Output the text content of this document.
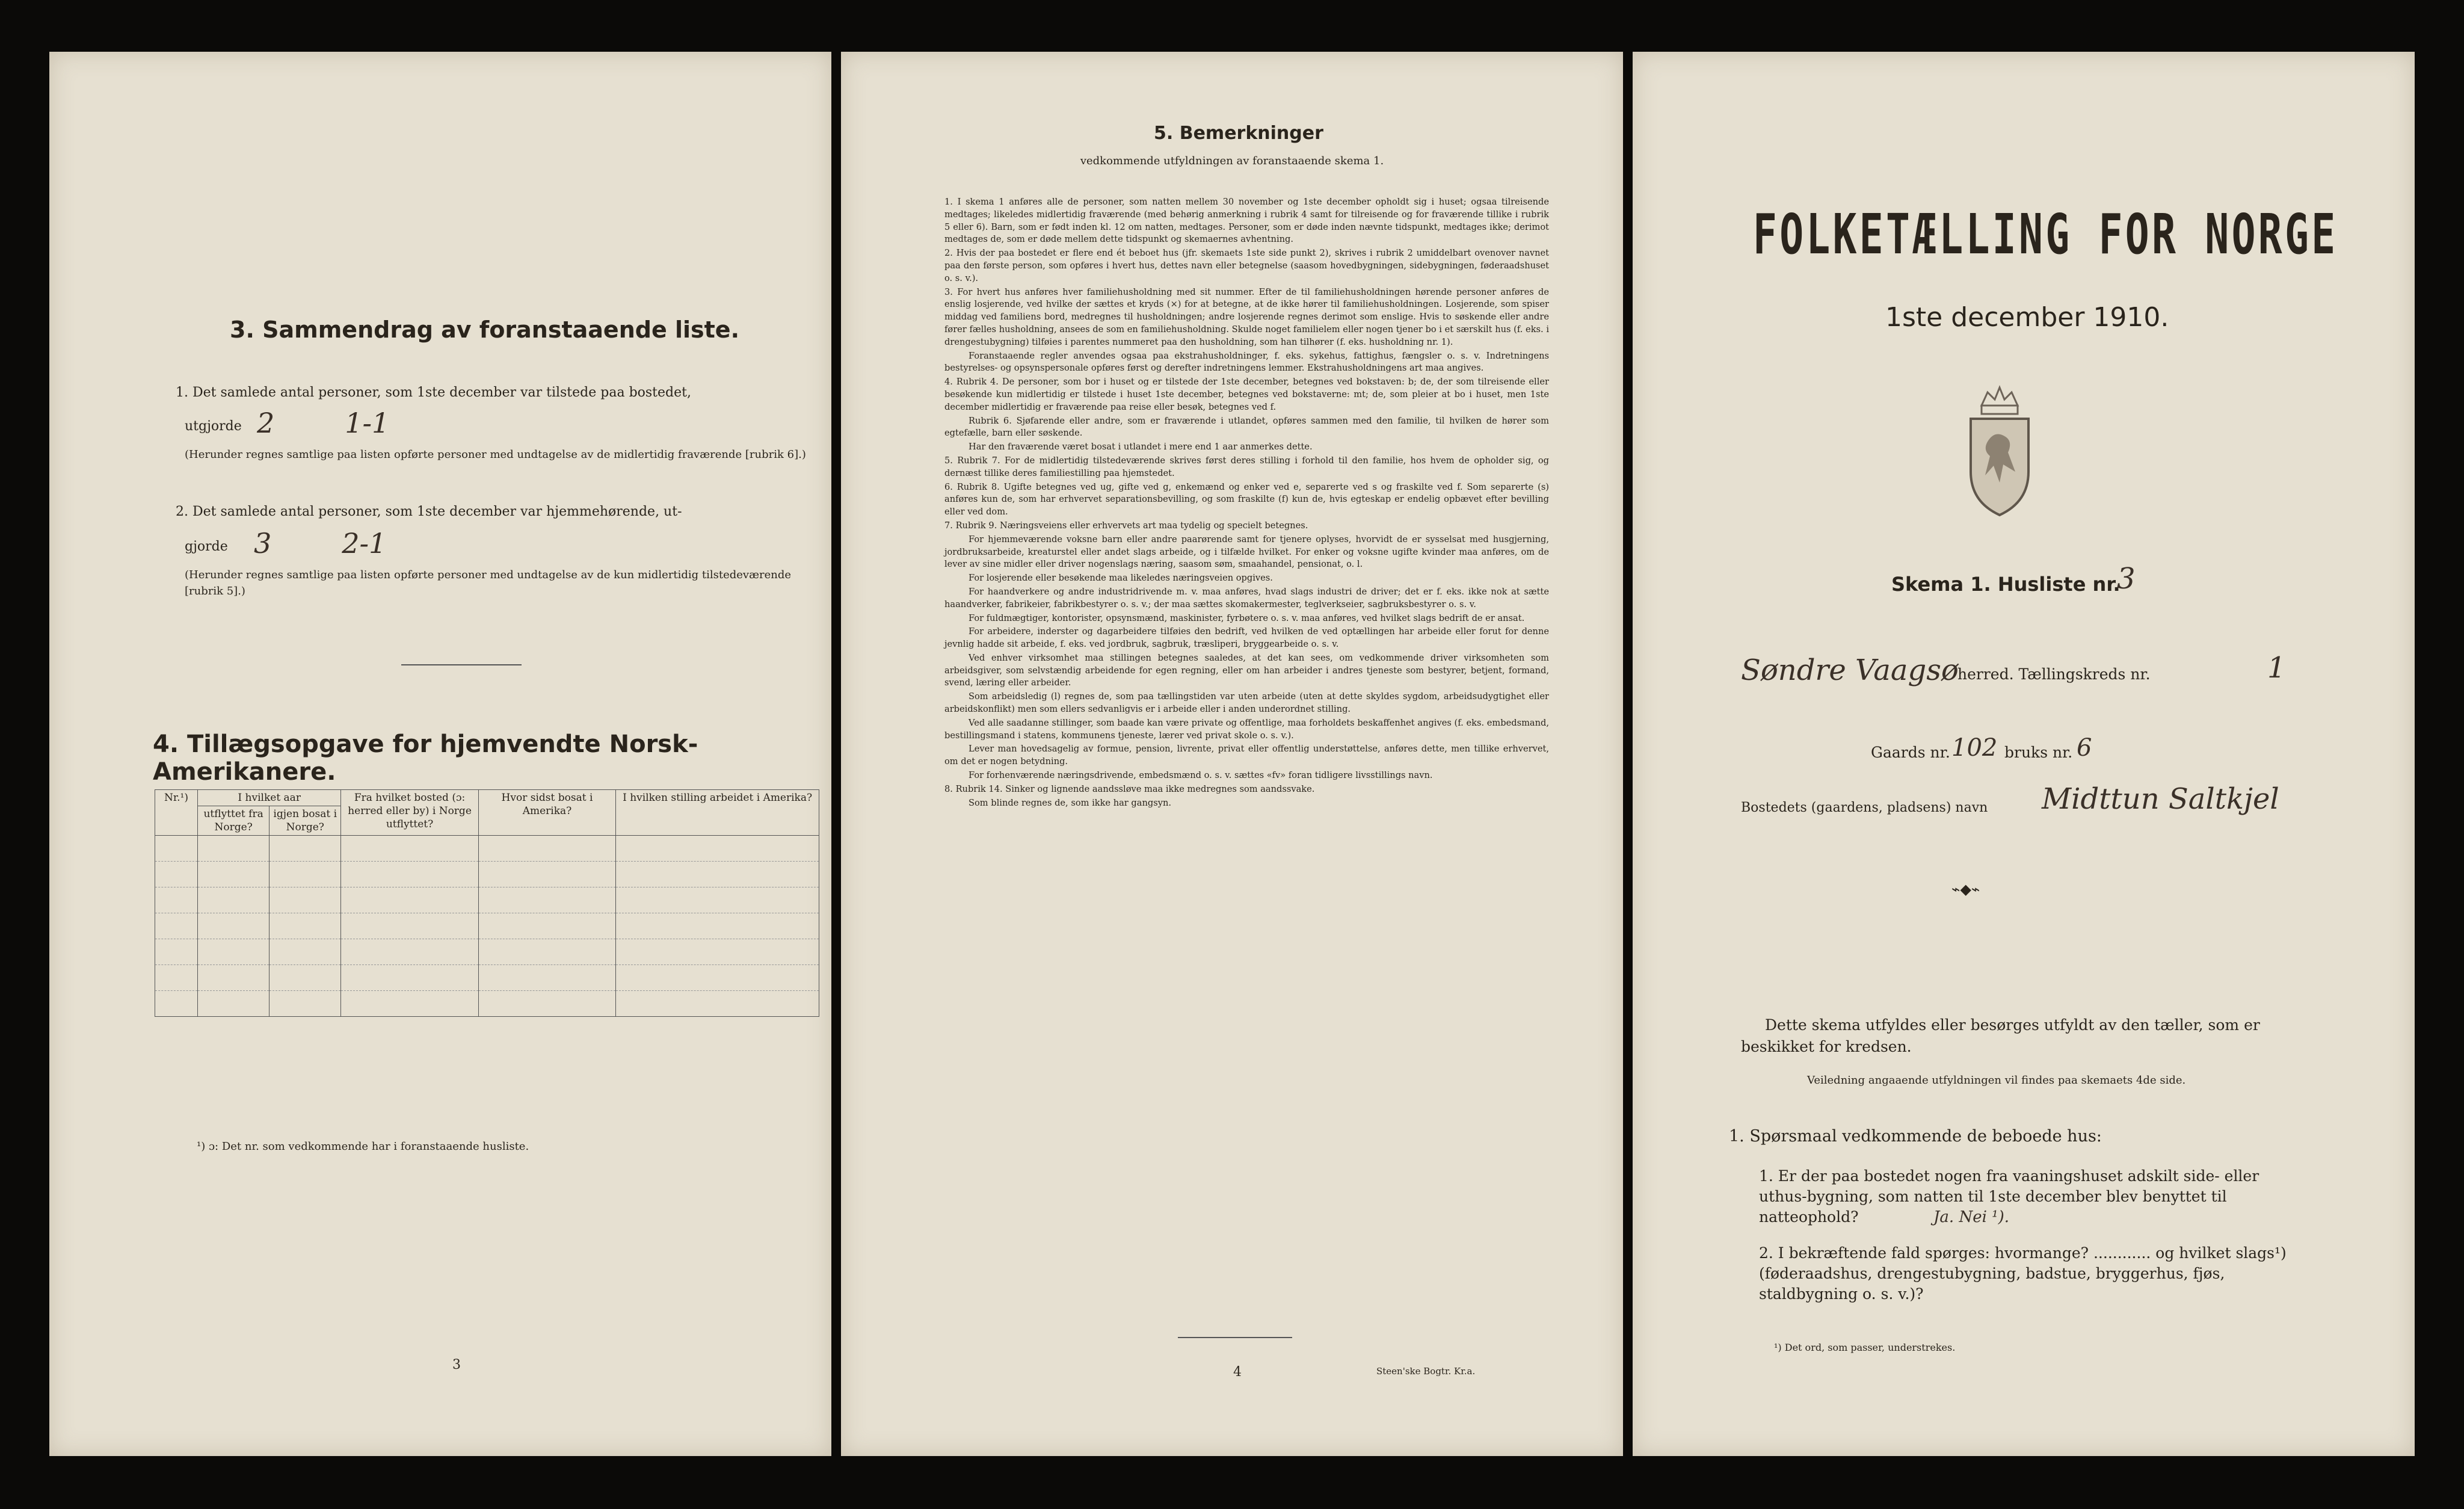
3. Sammendrag av foranstaaende liste.
1. Det samlede antal personer, som 1ste december var tilstede paa bostedet,
utgjorde 2        1-1
(Herunder regnes samtlige paa listen opførte personer med undtagelse av de midlertidig fraværende [rubrik 6].)
2. Det samlede antal personer, som 1ste december var hjemmehørende, ut-
gjorde 3        2-1
(Herunder regnes samtlige paa listen opførte personer med undtagelse av de kun midlertidig tilstedeværende [rubrik 5].)
4. Tillægsopgave for hjemvendte Norsk-Amerikanere.
Nr.¹)	I hvilket aar		Fra hvilket bosted (ɔ: herred eller by) i Norge utflyttet?	Hvor sidst bosat i Amerika?	I hvilken stilling arbeidet i Amerika?
	utflyttet fra Norge?	igjen bosat i Norge?			

¹) ɔ: Det nr. som vedkommende har i foranstaaende husliste.
3
5. Bemerkninger
vedkommende utfyldningen av foranstaaende skema 1.

1. I skema 1 anføres alle de personer, som natten mellem 30 november og 1ste december opholdt sig i huset; ogsaa tilreisende medtages; likeledes midlertidig fraværende (med behørig anmerkning i rubrik 4 samt for tilreisende og for fraværende tillike i rubrik 5 eller 6). Barn, som er født inden kl. 12 om natten, medtages. Personer, som er døde inden nævnte tidspunkt, medtages ikke; derimot medtages de, som er døde mellem dette tidspunkt og skemaernes avhentning.

2. Hvis der paa bostedet er flere end ét beboet hus (jfr. skemaets 1ste side punkt 2), skrives i rubrik 2 umiddelbart ovenover navnet paa den første person, som opføres i hvert hus, dettes navn eller betegnelse (saasom hovedbygningen, sidebygningen, føderaadshuset o. s. v.).

3. For hvert hus anføres hver familiehusholdning med sit nummer. Efter de til familiehusholdningen hørende personer anføres de enslig losjerende, ved hvilke der sættes et kryds (×) for at betegne, at de ikke hører til familiehusholdningen. Losjerende, som spiser middag ved familiens bord, medregnes til husholdningen; andre losjerende regnes derimot som enslige. Hvis to søskende eller andre fører fælles husholdning, ansees de som en familiehusholdning. Skulde noget familielem eller nogen tjener bo i et særskilt hus (f. eks. i drengestubygning) tilføies i parentes nummeret paa den husholdning, som han tilhører (f. eks. husholdning nr. 1).

Foranstaaende regler anvendes ogsaa paa ekstrahusholdninger, f. eks. sykehus, fattighus, fængsler o. s. v. Indretningens bestyrelses- og opsynspersonale opføres først og derefter indretningens lemmer. Ekstrahusholdningens art maa angives.

4. Rubrik 4. De personer, som bor i huset og er tilstede der 1ste december, betegnes ved bokstaven: b; de, der som tilreisende eller besøkende kun midlertidig er tilstede i huset 1ste december, betegnes ved bokstaverne: mt; de, som pleier at bo i huset, men 1ste december midlertidig er fraværende paa reise eller besøk, betegnes ved f.

Rubrik 6. Sjøfarende eller andre, som er fraværende i utlandet, opføres sammen med den familie, til hvilken de hører som egtefælle, barn eller søskende.

Har den fraværende været bosat i utlandet i mere end 1 aar anmerkes dette.

5. Rubrik 7. For de midlertidig tilstedeværende skrives først deres stilling i forhold til den familie, hos hvem de opholder sig, og dernæst tillike deres familiestilling paa hjemstedet.

6. Rubrik 8. Ugifte betegnes ved ug, gifte ved g, enkemænd og enker ved e, separerte ved s og fraskilte ved f. Som separerte (s) anføres kun de, som har erhvervet separationsbevilling, og som fraskilte (f) kun de, hvis egteskap er endelig opbævet efter bevilling eller ved dom.

7. Rubrik 9. Næringsveiens eller erhvervets art maa tydelig og specielt betegnes.

For hjemmeværende voksne barn eller andre paarørende samt for tjenere oplyses, hvorvidt de er sysselsat med husgjerning, jordbruksarbeide, kreaturstel eller andet slags arbeide, og i tilfælde hvilket. For enker og voksne ugifte kvinder maa anføres, om de lever av sine midler eller driver nogenslags næring, saasom søm, smaahandel, pensionat, o. l.

For losjerende eller besøkende maa likeledes næringsveien opgives.

For haandverkere og andre industridrivende m. v. maa anføres, hvad slags industri de driver; det er f. eks. ikke nok at sætte haandverker, fabrikeier, fabrikbestyrer o. s. v.; der maa sættes skomakermester, teglverkseier, sagbruksbestyrer o. s. v.

For fuldmægtiger, kontorister, opsynsmænd, maskinister, fyrbøtere o. s. v. maa anføres, ved hvilket slags bedrift de er ansat.

For arbeidere, inderster og dagarbeidere tilføies den bedrift, ved hvilken de ved optællingen har arbeide eller forut for denne jevnlig hadde sit arbeide, f. eks. ved jordbruk, sagbruk, træsliperi, bryggearbeide o. s. v.

Ved enhver virksomhet maa stillingen betegnes saaledes, at det kan sees, om vedkommende driver virksomheten som arbeidsgiver, som selvstændig arbeidende for egen regning, eller om han arbeider i andres tjeneste som bestyrer, betjent, formand, svend, læring eller arbeider.

Som arbeidsledig (l) regnes de, som paa tællingstiden var uten arbeide (uten at dette skyldes sygdom, arbeidsudygtighet eller arbeidskonflikt) men som ellers sedvanligvis er i arbeide eller i anden underordnet stilling.

Ved alle saadanne stillinger, som baade kan være private og offentlige, maa forholdets beskaffenhet angives (f. eks. embedsmand, bestillingsmand i statens, kommunens tjeneste, lærer ved privat skole o. s. v.).

Lever man hovedsagelig av formue, pension, livrente, privat eller offentlig understøttelse, anføres dette, men tillike erhvervet, om det er nogen betydning.

For forhenværende næringsdrivende, embedsmænd o. s. v. sættes «fv» foran tidligere livsstillings navn.

8. Rubrik 14. Sinker og lignende aandssløve maa ikke medregnes som aandssvake.

Som blinde regnes de, som ikke har gangsyn.

4	Steen'ske Bogtr. Kr.a.
FOLKETÆLLING FOR NORGE
1ste december 1910.
Skema 1. Husliste nr.
3
Søndre Vaagsø
herred. Tællingskreds nr.	1
Gaards nr. 102 bruks nr. 6
Bostedets (gaardens, pladsens) navn Midttun Saltkjel
⌁◆⌁
Dette skema utfyldes eller besørges utfyldt av den tæller, som er beskikket for kredsen.
Veiledning angaaende utfyldningen vil findes paa skemaets 4de side.
1. Spørsmaal vedkommende de beboede hus:
1. Er der paa bostedet nogen fra vaaningshuset adskilt side- eller uthus-bygning, som natten til 1ste december blev benyttet til natteophold?	Ja. Nei ¹).
2. I bekræftende fald spørges: hvormange? ............ og hvilket slags¹) (føderaadshus, drengestubygning, badstue, bryggerhus, fjøs, staldbygning o. s. v.)?
¹) Det ord, som passer, understrekes.
